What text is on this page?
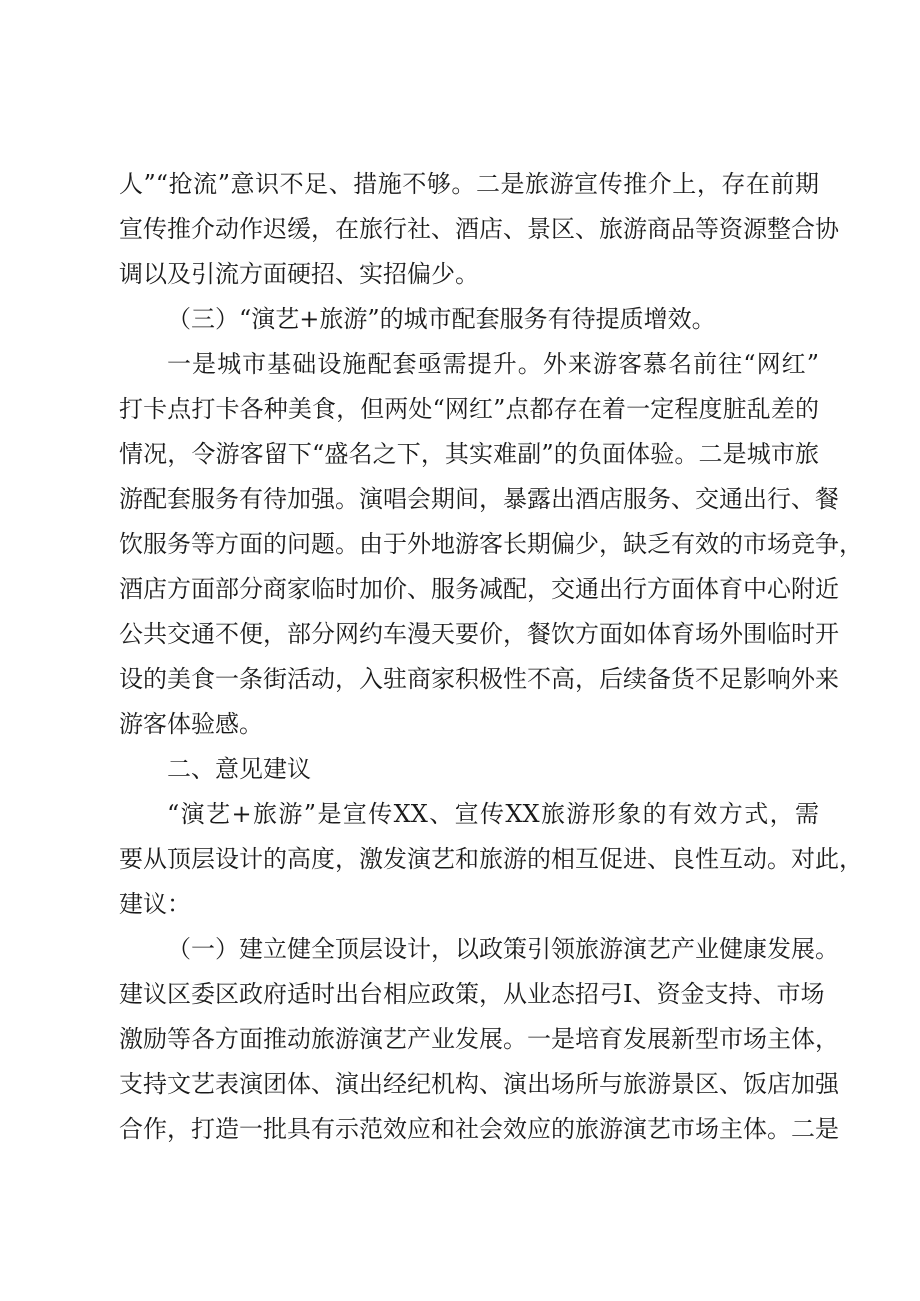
人”“抢流”意识不足、措施不够。二是旅游宣传推介上，存在前期
宣传推介动作迟缓，在旅行社、酒店、景区、旅游商品等资源整合协
调以及引流方面硬招、实招偏少。
（三）“演艺+旅游”的城市配套服务有待提质增效。
一是城市基础设施配套亟需提升。外来游客慕名前往“网红”
打卡点打卡各种美食，但两处“网红”点都存在着一定程度脏乱差的
情况，令游客留下“盛名之下，其实难副”的负面体验。二是城市旅
游配套服务有待加强。演唱会期间，暴露出酒店服务、交通出行、餐
饮服务等方面的问题。由于外地游客长期偏少，缺乏有效的市场竞争，
酒店方面部分商家临时加价、服务减配，交通出行方面体育中心附近
公共交通不便，部分网约车漫天要价，餐饮方面如体育场外围临时开
设的美食一条街活动，入驻商家积极性不高，后续备货不足影响外来
游客体验感。
二、意见建议
“演艺+旅游”是宣传XX、宣传XX旅游形象的有效方式，需
要从顶层设计的高度，激发演艺和旅游的相互促进、良性互动。对此，
建议：
（一）建立健全顶层设计，以政策引领旅游演艺产业健康发展。
建议区委区政府适时出台相应政策，从业态招弓I、资金支持、市场
激励等各方面推动旅游演艺产业发展。一是培育发展新型市场主体，
支持文艺表演团体、演出经纪机构、演出场所与旅游景区、饭店加强
合作，打造一批具有示范效应和社会效应的旅游演艺市场主体。二是
